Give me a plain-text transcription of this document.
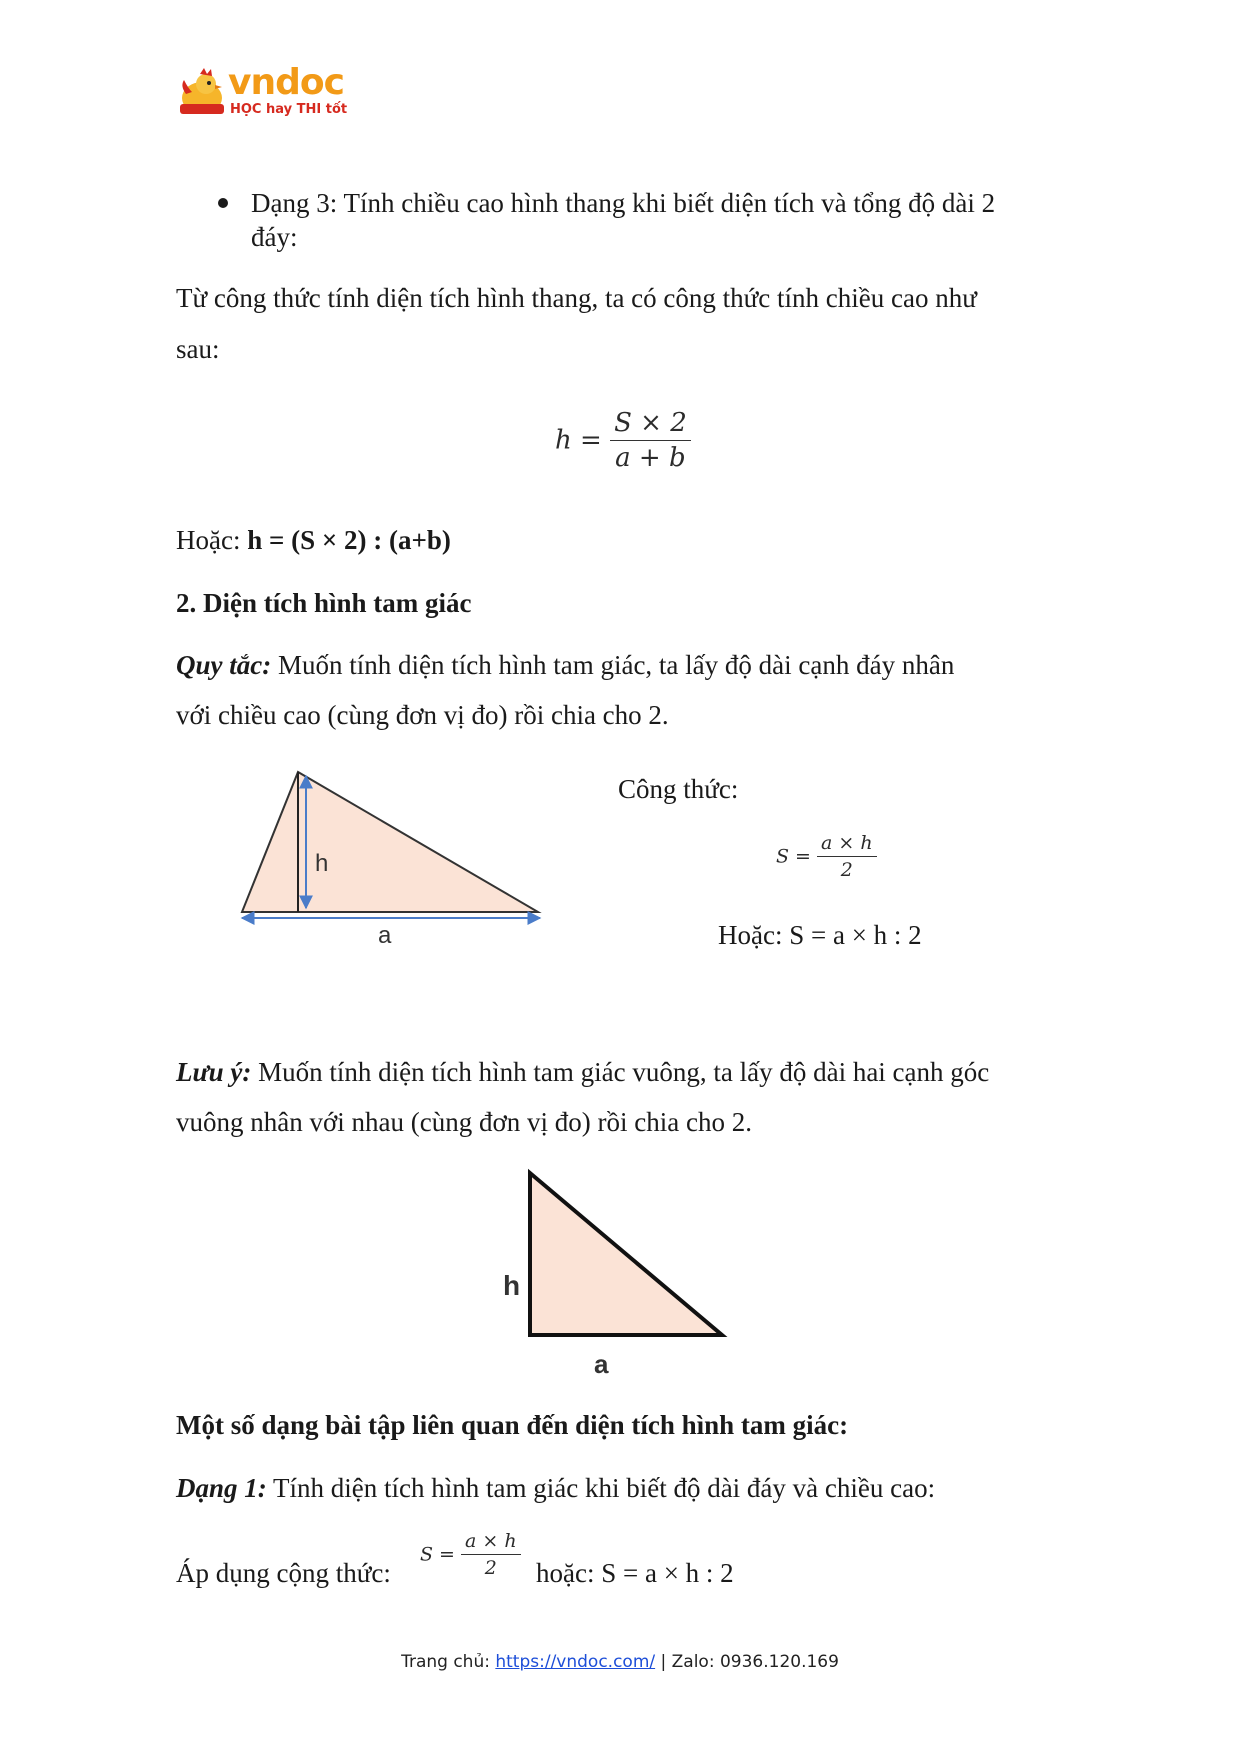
vndoc
HỌC hay THI tốt
Dạng 3: Tính chiều cao hình thang khi biết diện tích và tổng độ dài 2
đáy:
Từ công thức tính diện tích hình thang, ta có công thức tính chiều cao như
sau:
$h = \frac{S \times 2}{a + b}$
Hoặc: h = (S × 2) : (a+b)
2. Diện tích hình tam giác
Quy tắc: Muốn tính diện tích hình tam giác, ta lấy độ dài cạnh đáy nhân
với chiều cao (cùng đơn vị đo) rồi chia cho 2.
h
a
Công thức:
$S = \frac{a \times h}{2}$
Hoặc: S = a × h : 2
Lưu ý: Muốn tính diện tích hình tam giác vuông, ta lấy độ dài hai cạnh góc
vuông nhân với nhau (cùng đơn vị đo) rồi chia cho 2.
h
a
Một số dạng bài tập liên quan đến diện tích hình tam giác:
Dạng 1: Tính diện tích hình tam giác khi biết độ dài đáy và chiều cao:
Áp dụng cộng thức:
$S = \frac{a \times h}{2}$ hoặc: S = a × h : 2
Trang chủ: https://vndoc.com/ | Zalo: 0936.120.169
